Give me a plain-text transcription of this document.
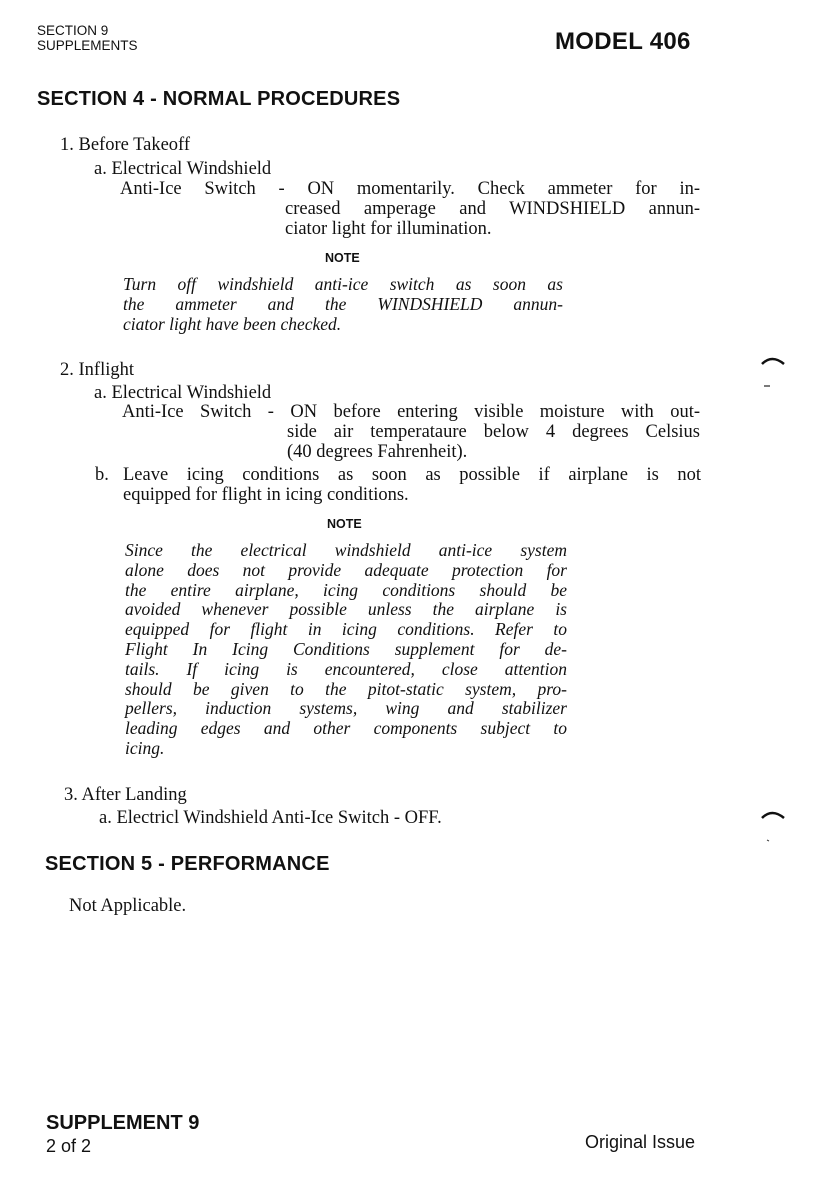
SECTION 9
SUPPLEMENTS	MODEL 406
SECTION 4 - NORMAL PROCEDURES
1. Before Takeoff
a. Electrical Windshield
Anti-Ice Switch - ON momentarily. Check ammeter for in-
creased amperage and WINDSHIELD annun-
ciator light for illumination.
NOTE
Turn off windshield anti-ice switch as soon as
the ammeter and the WINDSHIELD annun-
ciator light have been checked.
2. Inflight
a. Electrical Windshield
Anti-Ice Switch - ON before entering visible moisture with out-
side air temperataure below 4 degrees Celsius
(40 degrees Fahrenheit).
b. Leave icing conditions as soon as possible if airplane is not
equipped for flight in icing conditions.
NOTE
Since the electrical windshield anti-ice system
alone does not provide adequate protection for
the entire airplane, icing conditions should be
avoided whenever possible unless the airplane is
equipped for flight in icing conditions. Refer to
Flight In Icing Conditions supplement for de-
tails. If icing is encountered, close attention
should be given to the pitot-static system, pro-
pellers, induction systems, wing and stabilizer
leading edges and other components subject to
icing.
3. After Landing
a. Electricl Windshield Anti-Ice Switch - OFF.
SECTION 5 - PERFORMANCE
Not Applicable.
SUPPLEMENT 9
2 of 2	Original Issue
